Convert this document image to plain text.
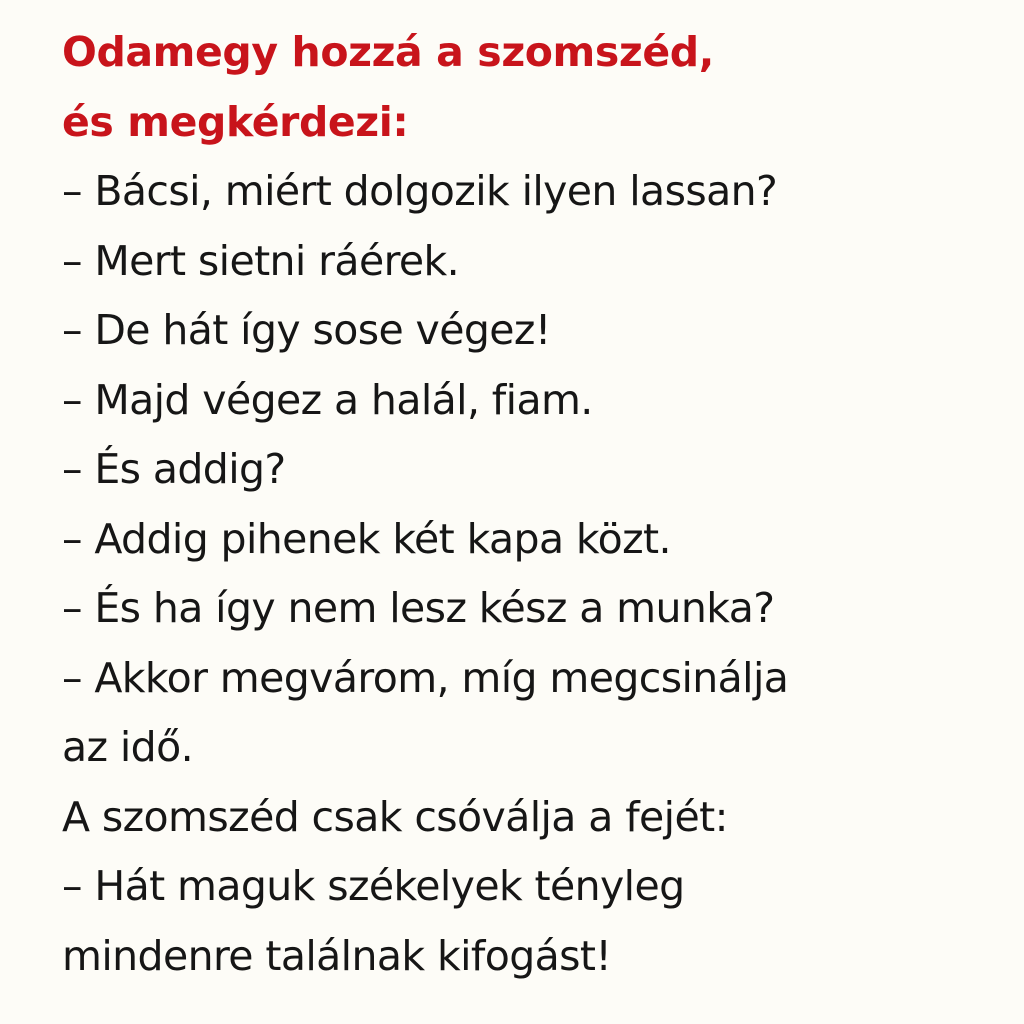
Odamegy hozzá a szomszéd,
és megkérdezi:
– Bácsi, miért dolgozik ilyen lassan?
– Mert sietni ráérek.
– De hát így sose végez!
– Majd végez a halál, fiam.
– És addig?
– Addig pihenek két kapa közt.
– És ha így nem lesz kész a munka?
– Akkor megvárom, míg megcsinálja
az idő.
A szomszéd csak csóválja a fejét:
– Hát maguk székelyek tényleg
mindenre találnak kifogást!
